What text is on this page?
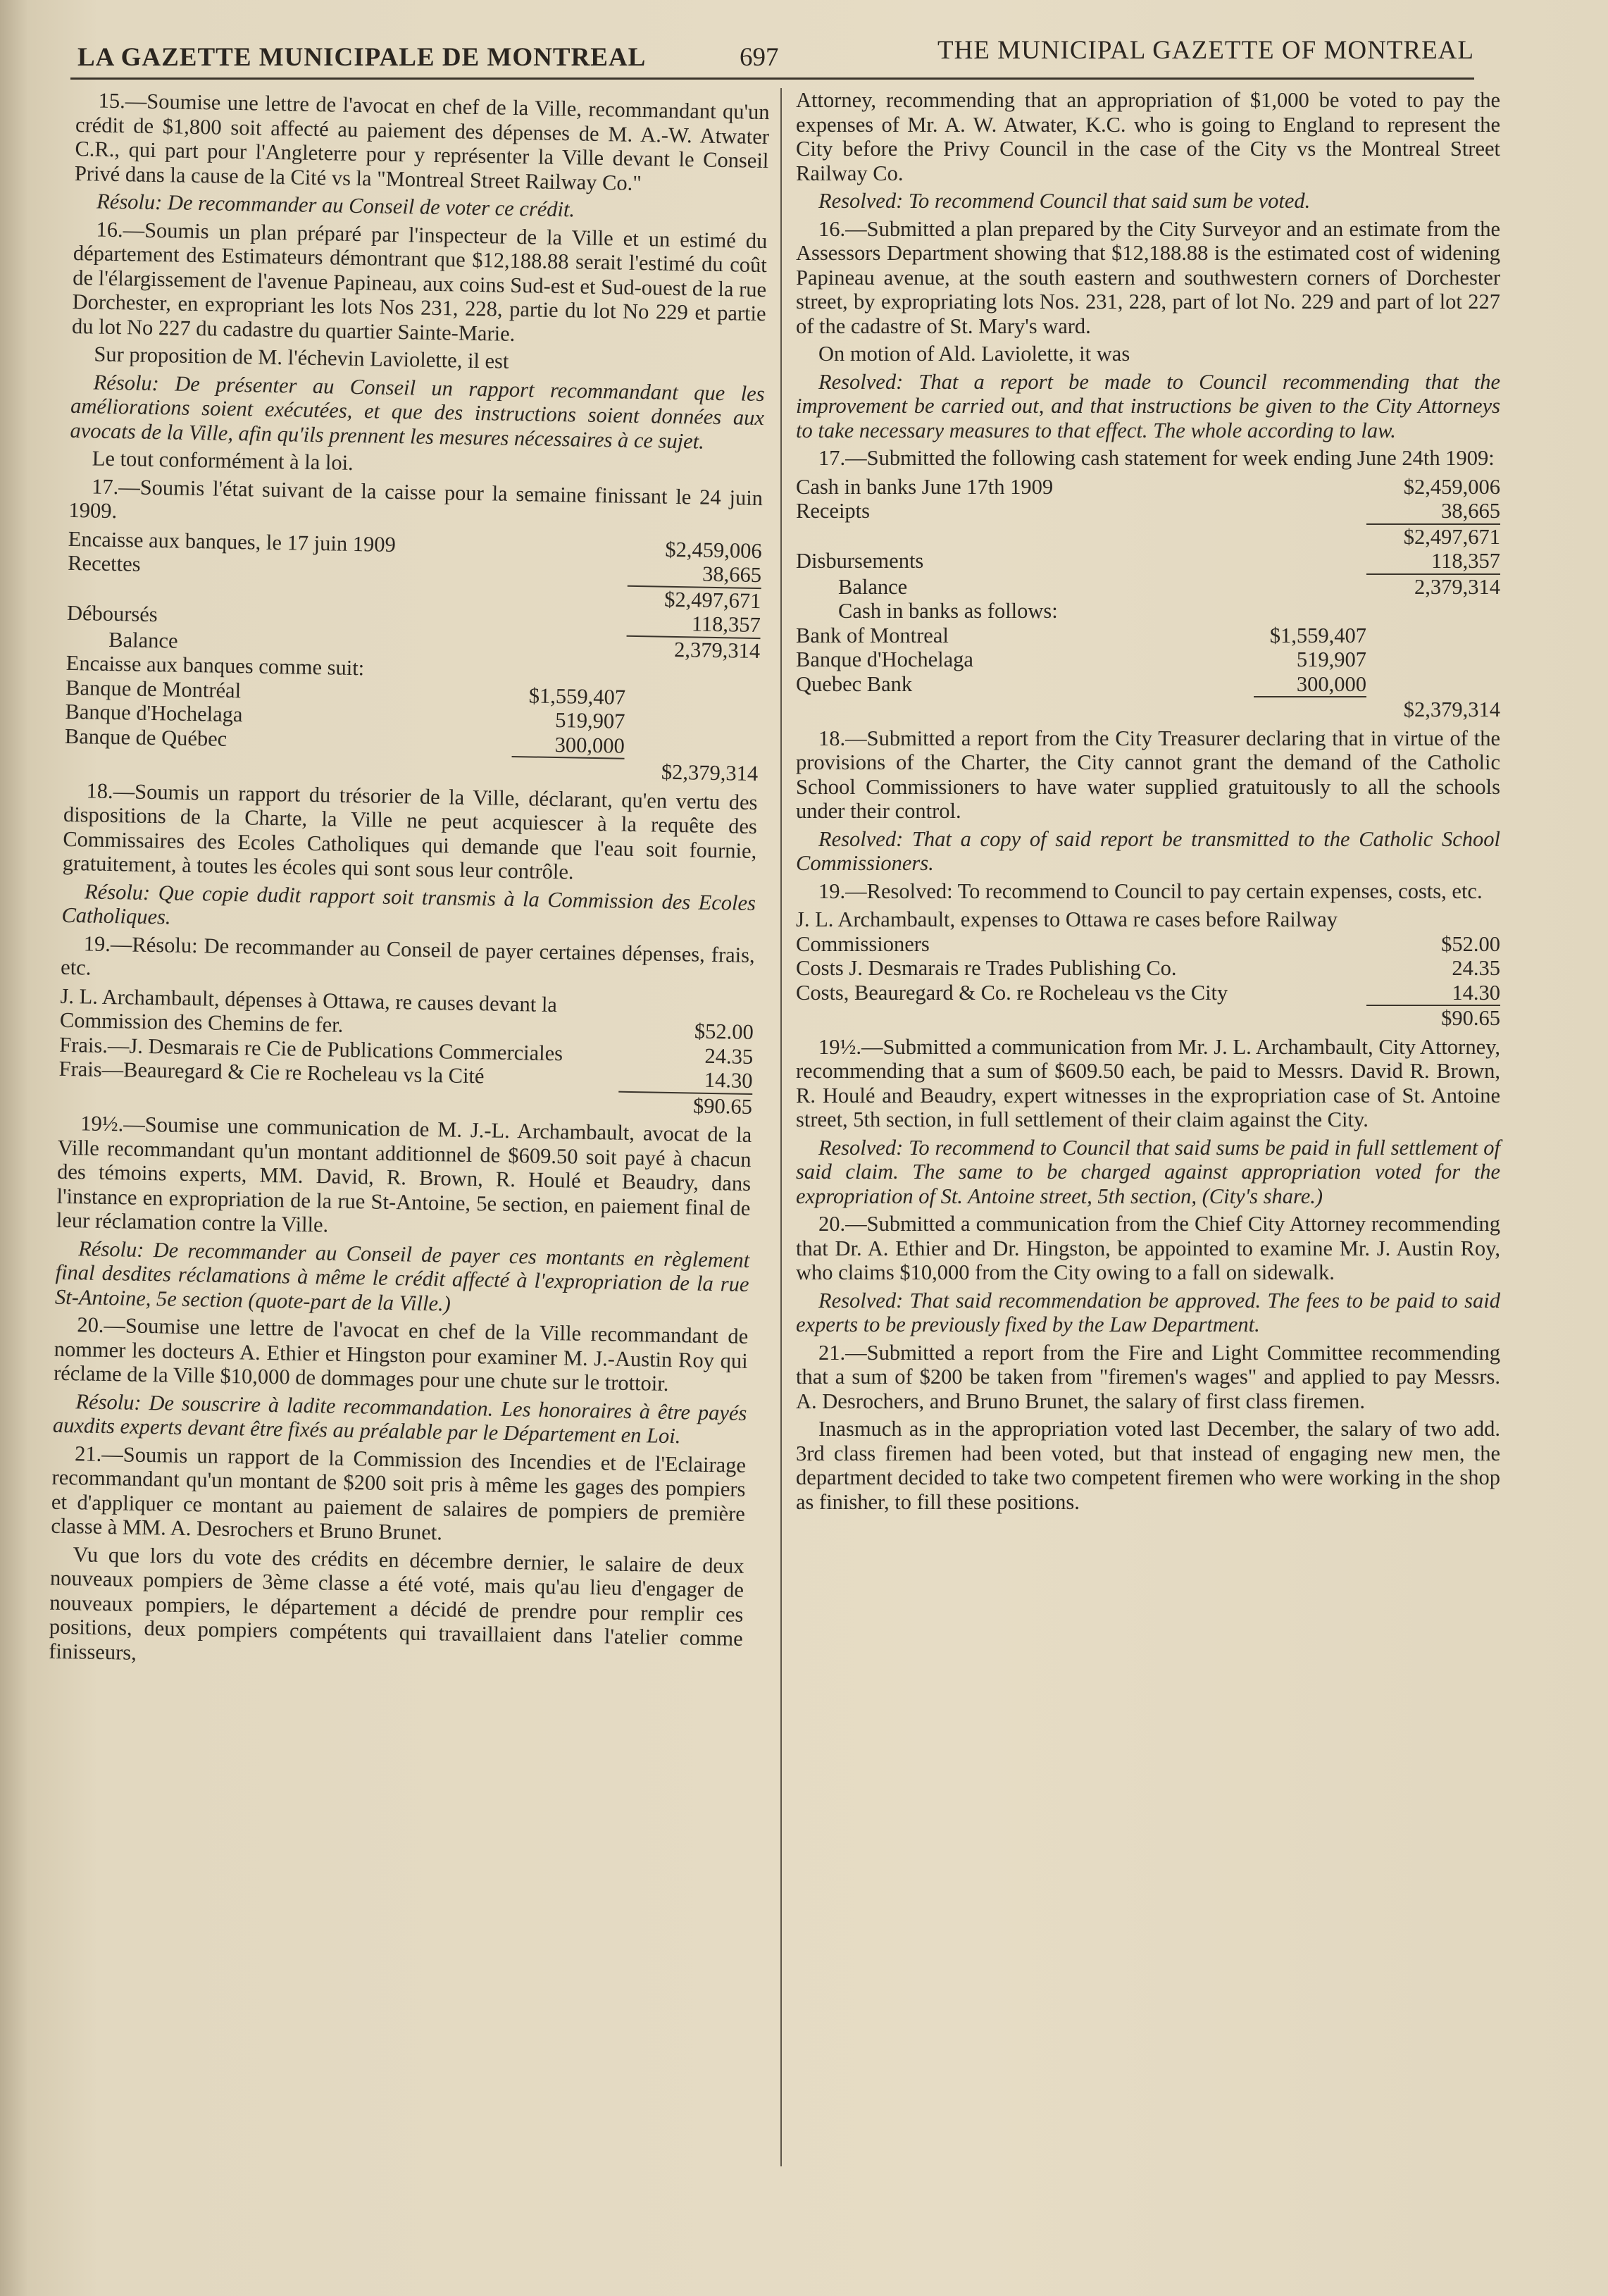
LA GAZETTE MUNICIPALE DE MONTREAL	697	THE MUNICIPAL GAZETTE OF MONTREAL

15.—Soumise une lettre de l'avocat en chef de la Ville, recommandant qu'un crédit de $1,800 soit affecté au paiement des dépenses de M. A.-W. Atwater C.R., qui part pour l'Angleterre pour y représenter la Ville devant le Conseil Privé dans la cause de la Cité vs la "Montreal Street Railway Co."

Résolu: De recommander au Conseil de voter ce crédit.

16.—Soumis un plan préparé par l'inspecteur de la Ville et un estimé du département des Estimateurs démontrant que $12,188.88 serait l'estimé du coût de l'élargissement de l'avenue Papineau, aux coins Sud-est et Sud-ouest de la rue Dorchester, en expropriant les lots Nos 231, 228, partie du lot No 229 et partie du lot No 227 du cadastre du quartier Sainte-Marie.

Sur proposition de M. l'échevin Laviolette, il est

Résolu: De présenter au Conseil un rapport recommandant que les améliorations soient exécutées, et que des instructions soient données aux avocats de la Ville, afin qu'ils prennent les mesures nécessaires à ce sujet.

Le tout conformément à la loi.

17.—Soumis l'état suivant de la caisse pour la semaine finissant le 24 juin 1909.

Encaisse aux banques, le 17 juin 1909	$2,459,006
Recettes	38,665
$2,497,671
Déboursés	118,357
Balance	2,379,314
Encaisse aux banques comme suit:
Banque de Montréal	$1,559,407
Banque d'Hochelaga	519,907
Banque de Québec	300,000
$2,379,314

18.—Soumis un rapport du trésorier de la Ville, déclarant, qu'en vertu des dispositions de la Charte, la Ville ne peut acquiescer à la requête des Commissaires des Ecoles Catholiques qui demande que l'eau soit fournie, gratuitement, à toutes les écoles qui sont sous leur contrôle.

Résolu: Que copie dudit rapport soit transmis à la Commission des Ecoles Catholiques.

19.—Résolu: De recommander au Conseil de payer certaines dépenses, frais, etc.

J. L. Archambault, dépenses à Ottawa, re causes devant la Commission des Chemins de fer.	$52.00
Frais.—J. Desmarais re Cie de Publications Commerciales	24.35
Frais—Beauregard & Cie re Rocheleau vs la Cité	14.30
$90.65

19½.—Soumise une communication de M. J.-L. Archambault, avocat de la Ville recommandant qu'un montant additionnel de $609.50 soit payé à chacun des témoins experts, MM. David, R. Brown, R. Houlé et Beaudry, dans l'instance en expropriation de la rue St-Antoine, 5e section, en paiement final de leur réclamation contre la Ville.

Résolu: De recommander au Conseil de payer ces montants en règlement final desdites réclamations à même le crédit affecté à l'expropriation de la rue St-Antoine, 5e section (quote-part de la Ville.)

20.—Soumise une lettre de l'avocat en chef de la Ville recommandant de nommer les docteurs A. Ethier et Hingston pour examiner M. J.-Austin Roy qui réclame de la Ville $10,000 de dommages pour une chute sur le trottoir.

Résolu: De souscrire à ladite recommandation. Les honoraires à être payés auxdits experts devant être fixés au préalable par le Département en Loi.

21.—Soumis un rapport de la Commission des Incendies et de l'Eclairage recommandant qu'un montant de $200 soit pris à même les gages des pompiers et d'appliquer ce montant au paiement de salaires de pompiers de première classe à MM. A. Desrochers et Bruno Brunet.

Vu que lors du vote des crédits en décembre dernier, le salaire de deux nouveaux pompiers de 3ème classe a été voté, mais qu'au lieu d'engager de nouveaux pompiers, le département a décidé de prendre pour remplir ces positions, deux pompiers compétents qui travaillaient dans l'atelier comme finisseurs,

Attorney, recommending that an appropriation of $1,000 be voted to pay the expenses of Mr. A. W. Atwater, K.C. who is going to England to represent the City before the Privy Council in the case of the City vs the Montreal Street Railway Co.

Resolved: To recommend Council that said sum be voted.

16.—Submitted a plan prepared by the City Surveyor and an estimate from the Assessors Department showing that $12,188.88 is the estimated cost of widening Papineau avenue, at the south eastern and southwestern corners of Dorchester street, by expropriating lots Nos. 231, 228, part of lot No. 229 and part of lot 227 of the cadastre of St. Mary's ward.

On motion of Ald. Laviolette, it was

Resolved: That a report be made to Council recommending that the improvement be carried out, and that instructions be given to the City Attorneys to take necessary measures to that effect. The whole according to law.

17.—Submitted the following cash statement for week ending June 24th 1909:

Cash in banks June 17th 1909	$2,459,006
Receipts	38,665
$2,497,671
Disbursements	118,357
Balance	2,379,314
Cash in banks as follows:
Bank of Montreal	$1,559,407
Banque d'Hochelaga	519,907
Quebec Bank	300,000
$2,379,314

18.—Submitted a report from the City Treasurer declaring that in virtue of the provisions of the Charter, the City cannot grant the demand of the Catholic School Commissioners to have water supplied gratuitously to all the schools under their control.

Resolved: That a copy of said report be transmitted to the Catholic School Commissioners.

19.—Resolved: To recommend to Council to pay certain expenses, costs, etc.

J. L. Archambault, expenses to Ottawa re cases before Railway Commissioners	$52.00
Costs J. Desmarais re Trades Publishing Co.	24.35
Costs, Beauregard & Co. re Rocheleau vs the City	14.30
$90.65

19½.—Submitted a communication from Mr. J. L. Archambault, City Attorney, recommending that a sum of $609.50 each, be paid to Messrs. David R. Brown, R. Houlé and Beaudry, expert witnesses in the expropriation case of St. Antoine street, 5th section, in full settlement of their claim against the City.

Resolved: To recommend to Council that said sums be paid in full settlement of said claim. The same to be charged against appropriation voted for the expropriation of St. Antoine street, 5th section, (City's share.)

20.—Submitted a communication from the Chief City Attorney recommending that Dr. A. Ethier and Dr. Hingston, be appointed to examine Mr. J. Austin Roy, who claims $10,000 from the City owing to a fall on sidewalk.

Resolved: That said recommendation be approved. The fees to be paid to said experts to be previously fixed by the Law Department.

21.—Submitted a report from the Fire and Light Committee recommending that a sum of $200 be taken from "firemen's wages" and applied to pay Messrs. A. Desrochers, and Bruno Brunet, the salary of first class firemen.

Inasmuch as in the appropriation voted last December, the salary of two add. 3rd class firemen had been voted, but that instead of engaging new men, the department decided to take two competent firemen who were working in the shop as finisher, to fill these positions.
